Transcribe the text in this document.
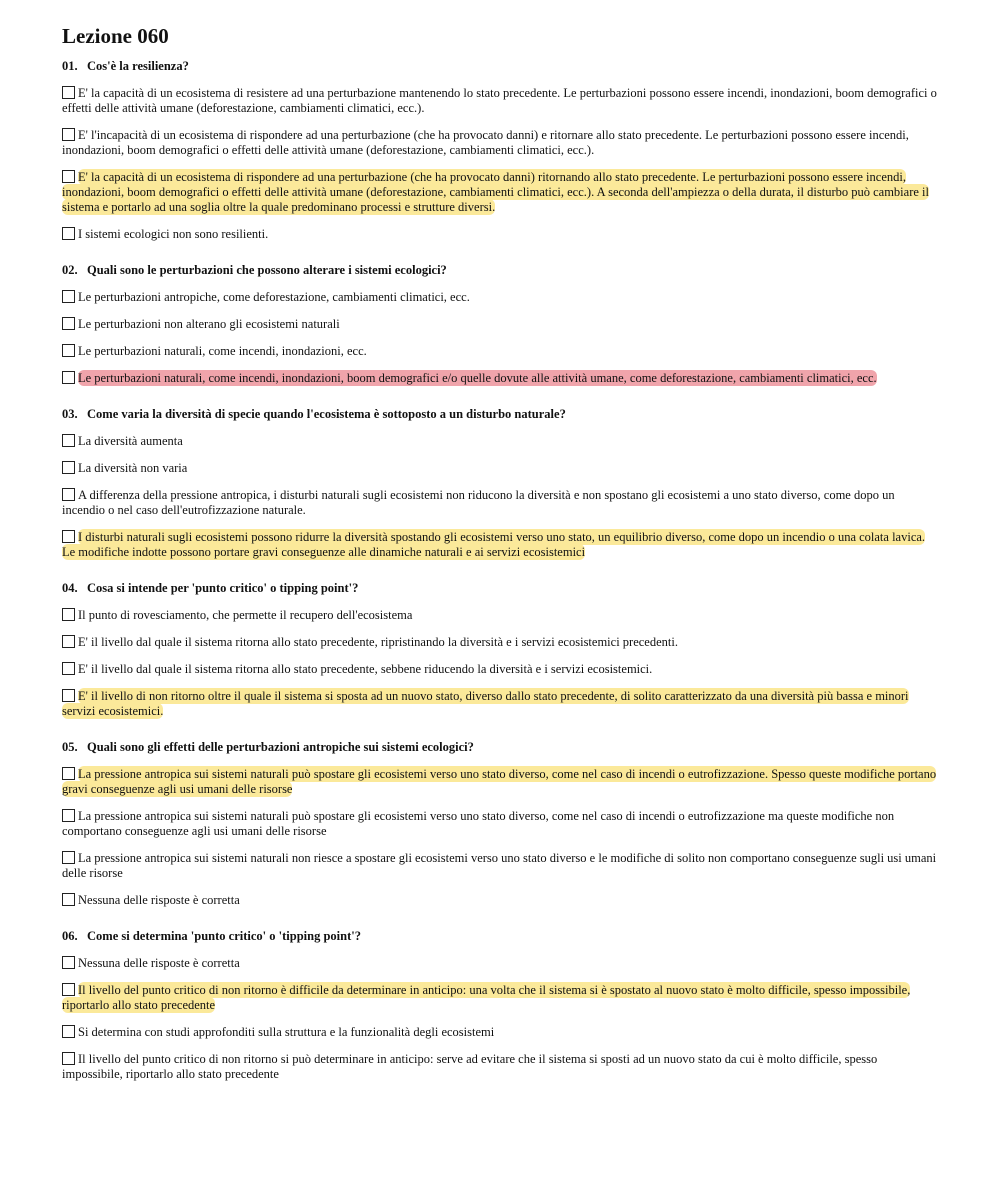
Lezione 060
01. Cos'è la resilienza?
E' la capacità di un ecosistema di resistere ad una perturbazione mantenendo lo stato precedente. Le perturbazioni possono essere incendi, inondazioni, boom demografici o effetti delle attività umane (deforestazione, cambiamenti climatici, ecc.).
E' l'incapacità di un ecosistema di rispondere ad una perturbazione (che ha provocato danni) e ritornare allo stato precedente. Le perturbazioni possono essere incendi, inondazioni, boom demografici o effetti delle attività umane (deforestazione, cambiamenti climatici, ecc.).
E' la capacità di un ecosistema di rispondere ad una perturbazione (che ha provocato danni) ritornando allo stato precedente. Le perturbazioni possono essere incendi, inondazioni, boom demografici o effetti delle attività umane (deforestazione, cambiamenti climatici, ecc.). A seconda dell'ampiezza o della durata, il disturbo può cambiare il sistema e portarlo ad una soglia oltre la quale predominano processi e strutture diversi.
I sistemi ecologici non sono resilienti.
02. Quali sono le perturbazioni che possono alterare i sistemi ecologici?
Le perturbazioni antropiche, come deforestazione, cambiamenti climatici, ecc.
Le perturbazioni non alterano gli ecosistemi naturali
Le perturbazioni naturali, come incendi, inondazioni, ecc.
Le perturbazioni naturali, come incendi, inondazioni, boom demografici e/o quelle dovute alle attività umane, come deforestazione, cambiamenti climatici, ecc.
03. Come varia la diversità di specie quando l'ecosistema è sottoposto a un disturbo naturale?
La diversità aumenta
La diversità non varia
A differenza della pressione antropica, i disturbi naturali sugli ecosistemi non riducono la diversità e non spostano gli ecosistemi a uno stato diverso, come dopo un incendio o nel caso dell'eutrofizzazione naturale.
I disturbi naturali sugli ecosistemi possono ridurre la diversità spostando gli ecosistemi verso uno stato, un equilibrio diverso, come dopo un incendio o una colata lavica. Le modifiche indotte possono portare gravi conseguenze alle dinamiche naturali e ai servizi ecosistemici
04. Cosa si intende per 'punto critico' o tipping point'?
Il punto di rovesciamento, che permette il recupero dell'ecosistema
E' il livello dal quale il sistema ritorna allo stato precedente, ripristinando la diversità e i servizi ecosistemici precedenti.
E' il livello dal quale il sistema ritorna allo stato precedente, sebbene riducendo la diversità e i servizi ecosistemici.
E' il livello di non ritorno oltre il quale il sistema si sposta ad un nuovo stato, diverso dallo stato precedente, di solito caratterizzato da una diversità più bassa e minori servizi ecosistemici.
05. Quali sono gli effetti delle perturbazioni antropiche sui sistemi ecologici?
La pressione antropica sui sistemi naturali può spostare gli ecosistemi verso uno stato diverso, come nel caso di incendi o eutrofizzazione. Spesso queste modifiche portano gravi conseguenze agli usi umani delle risorse
La pressione antropica sui sistemi naturali può spostare gli ecosistemi verso uno stato diverso, come nel caso di incendi o eutrofizzazione ma queste modifiche non comportano conseguenze agli usi umani delle risorse
La pressione antropica sui sistemi naturali non riesce a spostare gli ecosistemi verso uno stato diverso e le modifiche di solito non comportano conseguenze sugli usi umani delle risorse
Nessuna delle risposte è corretta
06. Come si determina 'punto critico' o 'tipping point'?
Nessuna delle risposte è corretta
Il livello del punto critico di non ritorno è difficile da determinare in anticipo: una volta che il sistema si è spostato al nuovo stato è molto difficile, spesso impossibile, riportarlo allo stato precedente
Si determina con studi approfonditi sulla struttura e la funzionalità degli ecosistemi
Il livello del punto critico di non ritorno si può determinare in anticipo: serve ad evitare che il sistema si sposti ad un nuovo stato da cui è molto difficile, spesso impossibile, riportarlo allo stato precedente
